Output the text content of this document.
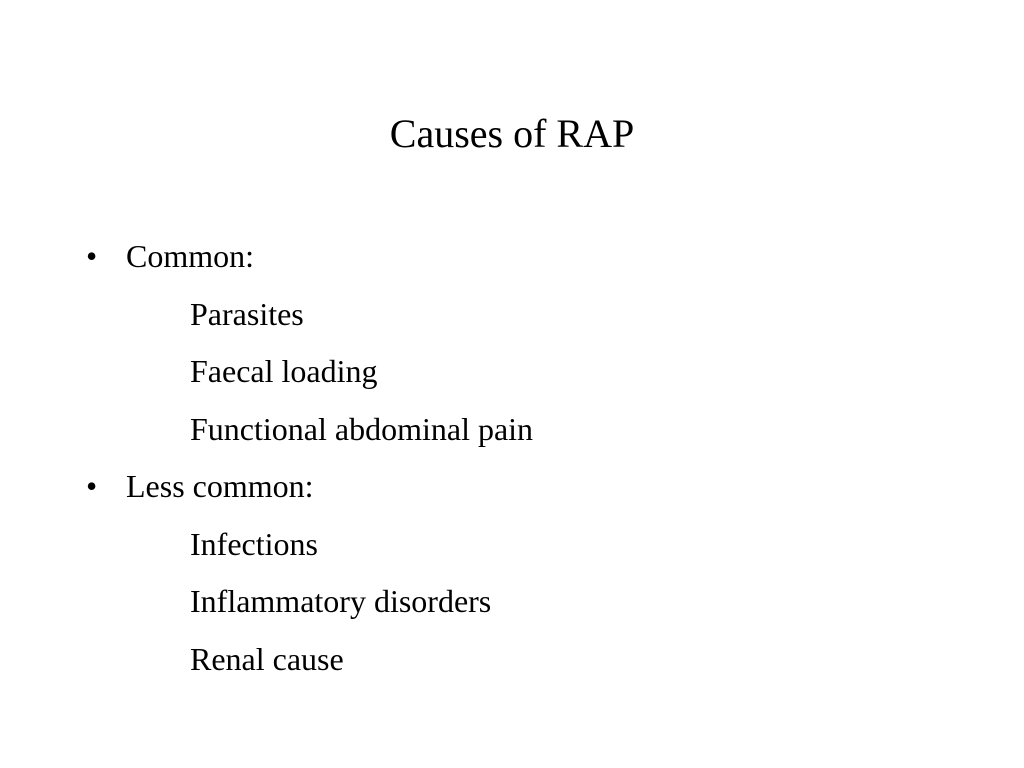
Causes of RAP
• Common:
Parasites
Faecal loading
Functional abdominal pain
• Less common:
Infections
Inflammatory disorders
Renal cause
